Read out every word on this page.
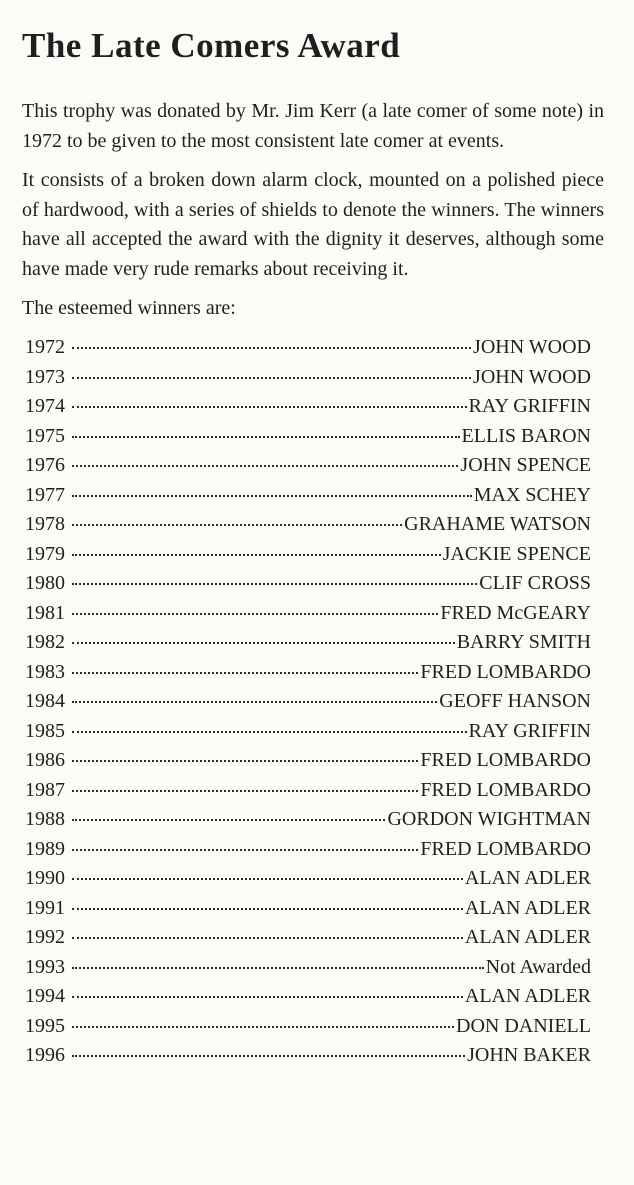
The Late Comers Award

This trophy was donated by Mr. Jim Kerr (a late comer of some note) in 1972 to be given to the most consistent late comer at events.

It consists of a broken down alarm clock, mounted on a polished piece of hardwood, with a series of shields to denote the winners. The winners have all accepted the award with the dignity it deserves, although some have made very rude remarks about receiving it.

The esteemed winners are:

1972	JOHN WOOD
1973	JOHN WOOD
1974	RAY GRIFFIN
1975	ELLIS BARON
1976	JOHN SPENCE
1977	MAX SCHEY
1978	GRAHAME WATSON
1979	JACKIE SPENCE
1980	CLIF CROSS
1981	FRED McGEARY
1982	BARRY SMITH
1983	FRED LOMBARDO
1984	GEOFF HANSON
1985	RAY GRIFFIN
1986	FRED LOMBARDO
1987	FRED LOMBARDO
1988	GORDON WIGHTMAN
1989	FRED LOMBARDO
1990	ALAN ADLER
1991	ALAN ADLER
1992	ALAN ADLER
1993	Not Awarded
1994	ALAN ADLER
1995	DON DANIELL
1996	JOHN BAKER
